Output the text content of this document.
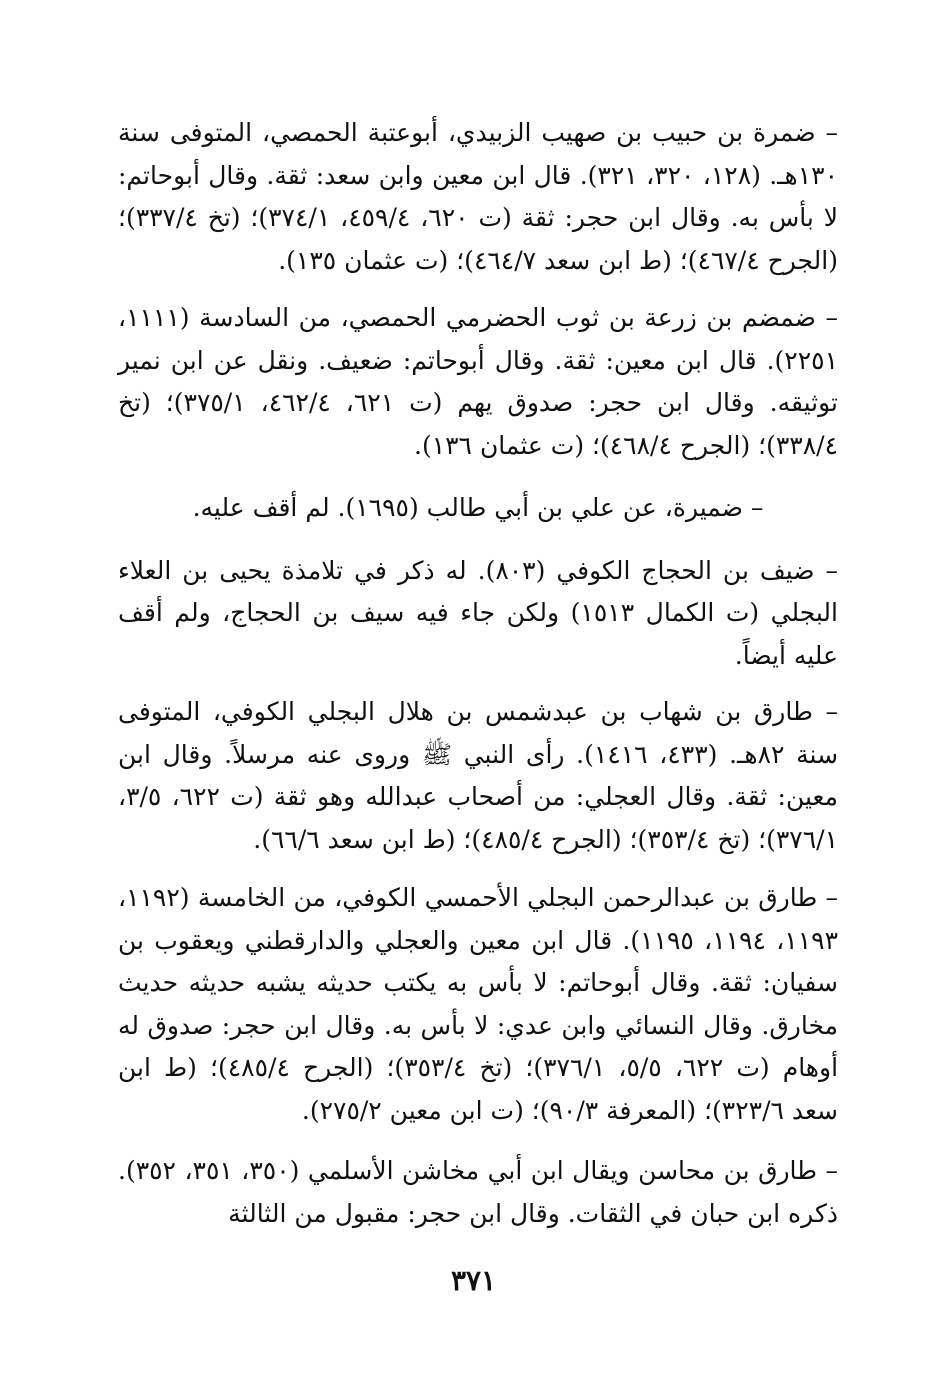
– ضمرة بن حبيب بن صهيب الزبيدي، أبوعتبة الحمصي، المتوفى سنة ١٣٠هـ. (١٢٨، ٣٢٠، ٣٢١). قال ابن معين وابن سعد: ثقة. وقال أبوحاتم: لا بأس به. وقال ابن حجر: ثقة (ت ٦٢٠، ٤٥٩/٤، ٣٧٤/١)؛ (تخ ٣٣٧/٤)؛ (الجرح ٤٦٧/٤)؛ (ط ابن سعد ٤٦٤/٧)؛ (ت عثمان ١٣٥).

– ضمضم بن زرعة بن ثوب الحضرمي الحمصي، من السادسة (١١١١، ٢٢٥١). قال ابن معين: ثقة. وقال أبوحاتم: ضعيف. ونقل عن ابن نمير توثيقه. وقال ابن حجر: صدوق يهم (ت ٦٢١، ٤٦٢/٤، ٣٧٥/١)؛ (تخ ٣٣٨/٤)؛ (الجرح ٤٦٨/٤)؛ (ت عثمان ١٣٦).

– ضميرة، عن علي بن أبي طالب (١٦٩٥). لم أقف عليه.

– ضيف بن الحجاج الكوفي (٨٠٣). له ذكر في تلامذة يحيى بن العلاء البجلي (ت الكمال ١٥١٣) ولكن جاء فيه سيف بن الحجاج، ولم أقف عليه أيضاً.

– طارق بن شهاب بن عبدشمس بن هلال البجلي الكوفي، المتوفى سنة ٨٢هـ. (٤٣٣، ١٤١٦). رأى النبي ﷺ وروى عنه مرسلاً. وقال ابن معين: ثقة. وقال العجلي: من أصحاب عبدالله وهو ثقة (ت ٦٢٢، ٣/٥، ٣٧٦/١)؛ (تخ ٣٥٣/٤)؛ (الجرح ٤٨٥/٤)؛ (ط ابن سعد ٦٦/٦).

– طارق بن عبدالرحمن البجلي الأحمسي الكوفي، من الخامسة (١١٩٢، ١١٩٣، ١١٩٤، ١١٩٥). قال ابن معين والعجلي والدارقطني ويعقوب بن سفيان: ثقة. وقال أبوحاتم: لا بأس به يكتب حديثه يشبه حديثه حديث مخارق. وقال النسائي وابن عدي: لا بأس به. وقال ابن حجر: صدوق له أوهام (ت ٦٢٢، ٥/٥، ٣٧٦/١)؛ (تخ ٣٥٣/٤)؛ (الجرح ٤٨٥/٤)؛ (ط ابن سعد ٣٢٣/٦)؛ (المعرفة ٩٠/٣)؛ (ت ابن معين ٢٧٥/٢).

– طارق بن محاسن ويقال ابن أبي مخاشن الأسلمي (٣٥٠، ٣٥١، ٣٥٢). ذكره ابن حبان في الثقات. وقال ابن حجر: مقبول من الثالثة

٣٧١
